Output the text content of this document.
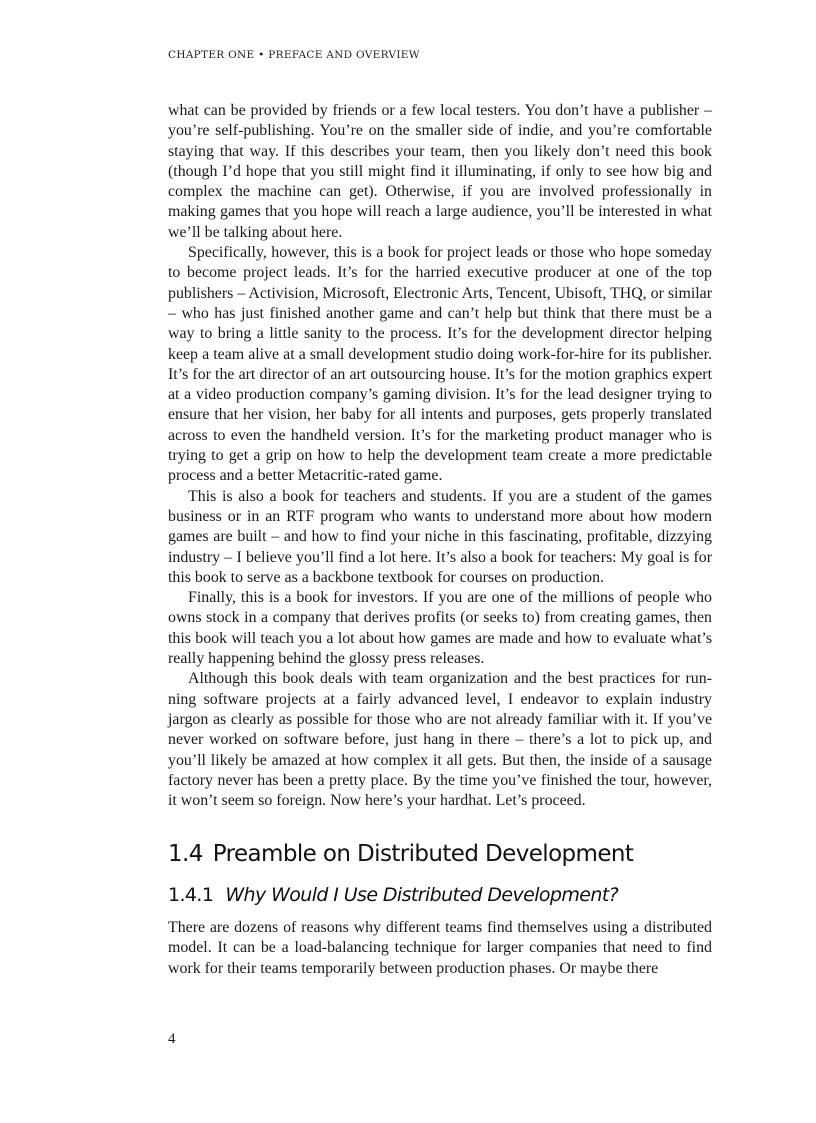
CHAPTER ONE • PREFACE AND OVERVIEW

what can be provided by friends or a few local testers. You don’t have a publisher – you’re self-publishing. You’re on the smaller side of indie, and you’re comfortable staying that way. If this describes your team, then you likely don’t need this book (though I’d hope that you still might find it illuminating, if only to see how big and complex the machine can get). Otherwise, if you are involved professionally in making games that you hope will reach a large audience, you’ll be interested in what we’ll be talking about here.

Specifically, however, this is a book for project leads or those who hope someday to become project leads. It’s for the harried executive producer at one of the top publishers – Activision, Microsoft, Electronic Arts, Tencent, Ubisoft, THQ, or similar – who has just finished another game and can’t help but think that there must be a way to bring a little sanity to the process. It’s for the development director helping keep a team alive at a small development studio doing work-for-hire for its publisher. It’s for the art director of an art outsourcing house. It’s for the motion graphics expert at a video production company’s gaming division. It’s for the lead designer trying to ensure that her vision, her baby for all intents and purposes, gets properly translated across to even the handheld version. It’s for the marketing product manager who is trying to get a grip on how to help the development team create a more predictable process and a better Metacritic-rated game.

This is also a book for teachers and students. If you are a student of the games business or in an RTF program who wants to understand more about how modern games are built – and how to find your niche in this fascinating, profitable, dizzying industry – I believe you’ll find a lot here. It’s also a book for teachers: My goal is for this book to serve as a backbone textbook for courses on production.

Finally, this is a book for investors. If you are one of the millions of people who owns stock in a company that derives profits (or seeks to) from creating games, then this book will teach you a lot about how games are made and how to evaluate what’s really happening behind the glossy press releases.

Although this book deals with team organization and the best practices for running software projects at a fairly advanced level, I endeavor to explain industry jargon as clearly as possible for those who are not already familiar with it. If you’ve never worked on software before, just hang in there – there’s a lot to pick up, and you’ll likely be amazed at how complex it all gets. But then, the inside of a sausage factory never has been a pretty place. By the time you’ve finished the tour, however, it won’t seem so foreign. Now here’s your hardhat. Let’s proceed.

1.4 Preamble on Distributed Development
1.4.1 Why Would I Use Distributed Development?

There are dozens of reasons why different teams find themselves using a distributed model. It can be a load-balancing technique for larger companies that need to find work for their teams temporarily between production phases. Or maybe there

4
